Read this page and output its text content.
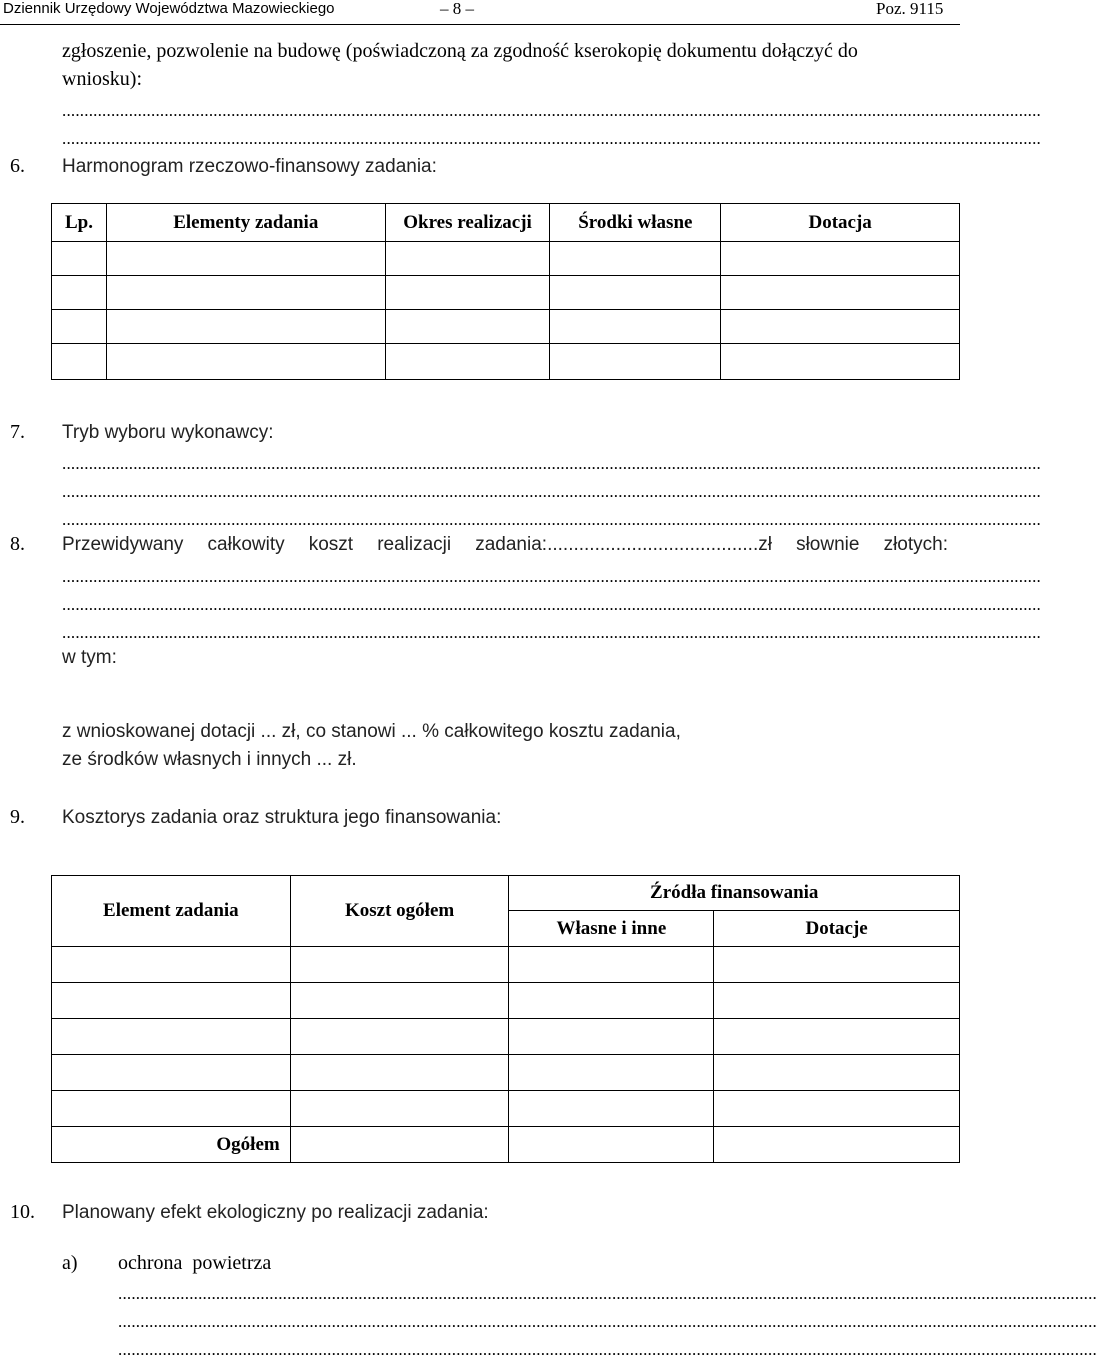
Dziennik Urzędowy Województwa Mazowieckiego	– 8 –	Poz. 9115
zgłoszenie, pozwolenie na budowę (poświadczoną za zgodność kserokopię dokumentu dołączyć do
wniosku):
............................................................................................................................................................................................................................
............................................................................................................................................................................................................................
6. Harmonogram rzeczowo-finansowy zadania:
Lp.	Elementy zadania	Okres realizacji	Środki własne	Dotacja

7. Tryb wyboru wykonawcy:
............................................................................................................................................................................................................................
............................................................................................................................................................................................................................
............................................................................................................................................................................................................................
8. Przewidywany całkowity koszt realizacji zadania:........................................zł słownie złotych:
............................................................................................................................................................................................................................
............................................................................................................................................................................................................................
............................................................................................................................................................................................................................
w tym:
z wnioskowanej dotacji ... zł, co stanowi ... % całkowitego kosztu zadania,
ze środków własnych i innych ... zł.
9. Kosztorys zadania oraz struktura jego finansowania:
Element zadania	Koszt ogółem	Źródła finansowania	
		Własne i inne	Dotacje

Ogółem			
10. Planowany efekt ekologiczny po realizacji zadania:
a) ochrona powietrza
............................................................................................................................................................................................................................
............................................................................................................................................................................................................................
............................................................................................................................................................................................................................
